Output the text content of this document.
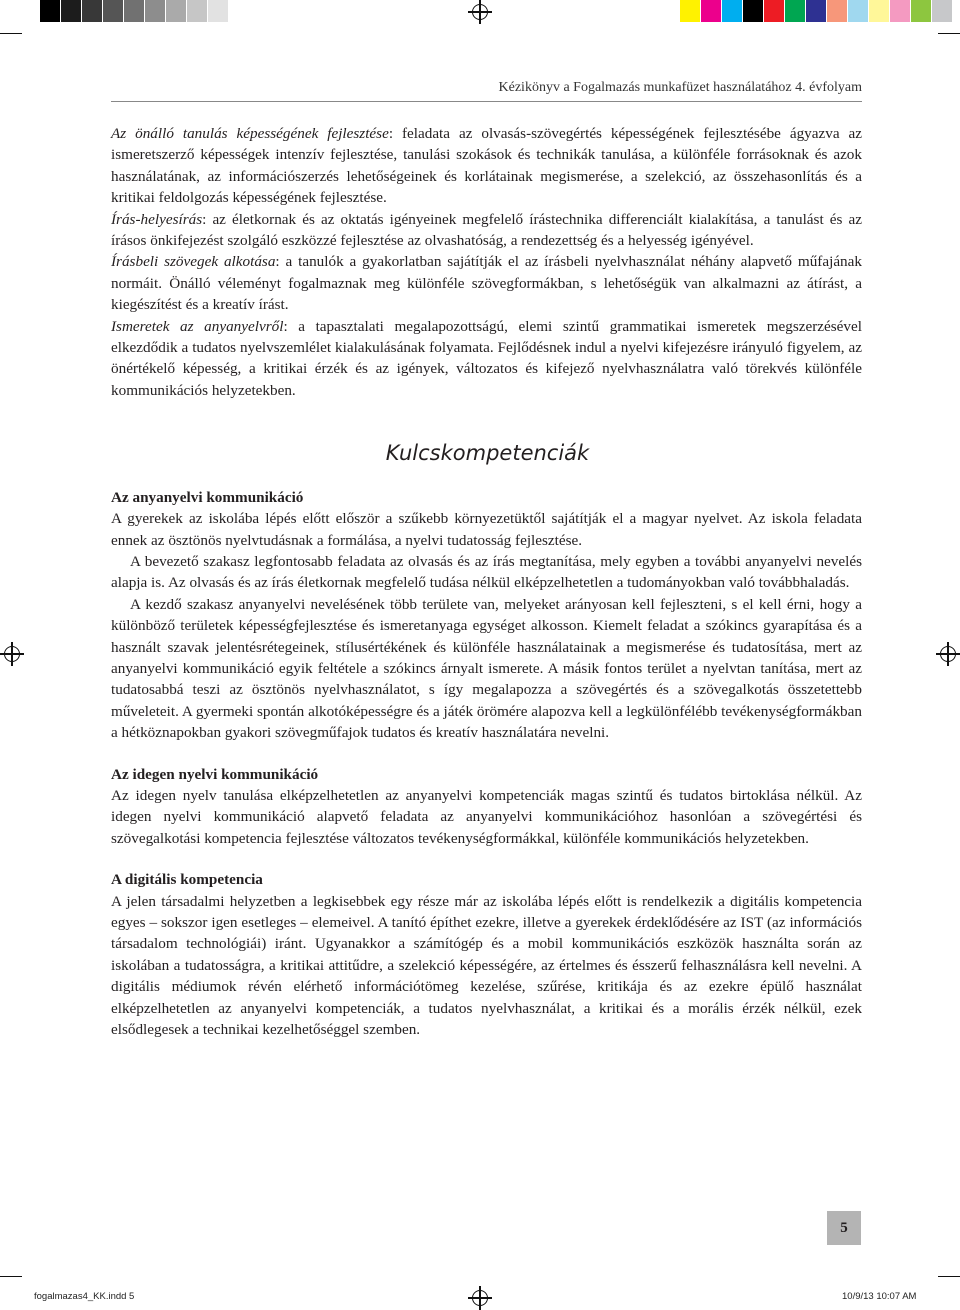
Kézikönyv a Fogalmazás munkafüzet használatához 4. évfolyam

Az önálló tanulás képességének fejlesztése: feladata az olvasás-szövegértés képességének fejlesztésébe ágyazva az ismeretszerző képességek intenzív fejlesztése, tanulási szokások és technikák tanulása, a különféle forrásoknak és azok használatának, az információszerzés lehetőségeinek és korlátainak megismerése, a szelekció, az összehasonlítás és a kritikai feldolgozás képességének fejlesztése.

Írás-helyesírás: az életkornak és az oktatás igényeinek megfelelő írástechnika differenciált kialakítása, a tanulást és az írásos önkifejezést szolgáló eszközzé fejlesztése az olvashatóság, a rendezettség és a helyesség igényével.

Írásbeli szövegek alkotása: a tanulók a gyakorlatban sajátítják el az írásbeli nyelvhasználat néhány alapvető műfajának normáit. Önálló véleményt fogalmaznak meg különféle szövegformákban, s lehetőségük van alkalmazni az átírást, a kiegészítést és a kreatív írást.

Ismeretek az anyanyelvről: a tapasztalati megalapozottságú, elemi szintű grammatikai ismeretek megszerzésével elkezdődik a tudatos nyelvszemlélet kialakulásának folyamata. Fejlődésnek indul a nyelvi kifejezésre irányuló figyelem, az önértékelő képesség, a kritikai érzék és az igények, változatos és kifejező nyelvhasználatra való törekvés különféle kommunikációs helyzetekben.

Kulcskompetenciák

Az anyanyelvi kommunikáció

A gyerekek az iskolába lépés előtt először a szűkebb környezetüktől sajátítják el a magyar nyelvet. Az iskola feladata ennek az ösztönös nyelvtudásnak a formálása, a nyelvi tudatosság fejlesztése.

A bevezető szakasz legfontosabb feladata az olvasás és az írás megtanítása, mely egyben a további anyanyelvi nevelés alapja is. Az olvasás és az írás életkornak megfelelő tudása nélkül elképzelhetetlen a tudományokban való továbbhaladás.

A kezdő szakasz anyanyelvi nevelésének több területe van, melyeket arányosan kell fejleszteni, s el kell érni, hogy a különböző területek képességfejlesztése és ismeretanyaga egységet alkosson. Kiemelt feladat a szókincs gyarapítása és a használt szavak jelentésrétegeinek, stílusértékének és különféle használatainak a megismerése és tudatosítása, mert az anyanyelvi kommunikáció egyik feltétele a szókincs árnyalt ismerete. A másik fontos terület a nyelvtan tanítása, mert az tudatosabbá teszi az ösztönös nyelvhasználatot, s így megalapozza a szövegértés és a szövegalkotás összetettebb műveleteit. A gyermeki spontán alkotóképességre és a játék örömére alapozva kell a legkülönfélébb tevékenységformákban a hétköznapokban gyakori szövegműfajok tudatos és kreatív használatára nevelni.

Az idegen nyelvi kommunikáció

Az idegen nyelv tanulása elképzelhetetlen az anyanyelvi kompetenciák magas szintű és tudatos birtoklása nélkül. Az idegen nyelvi kommunikáció alapvető feladata az anyanyelvi kommunikációhoz hasonlóan a szövegértési és szövegalkotási kompetencia fejlesztése változatos tevékenységformákkal, különféle kommunikációs helyzetekben.

A digitális kompetencia

A jelen társadalmi helyzetben a legkisebbek egy része már az iskolába lépés előtt is rendelkezik a digitális kompetencia egyes – sokszor igen esetleges – elemeivel. A tanító építhet ezekre, illetve a gyerekek érdeklődésére az IST (az információs társadalom technológiái) iránt. Ugyanakkor a számítógép és a mobil kommunikációs eszközök használta során az iskolában a tudatosságra, a kritikai attitűdre, a szelekció képességére, az értelmes és ésszerű felhasználásra kell nevelni. A digitális médiumok révén elérhető információtömeg kezelése, szűrése, kritikája és az ezekre épülő használat elképzelhetetlen az anyanyelvi kompetenciák, a tudatos nyelvhasználat, a kritikai és a morális érzék nélkül, ezek elsődlegesek a technikai kezelhetőséggel szemben.

5
fogalmazas4_KK.indd 5	10/9/13 10:07 AM
